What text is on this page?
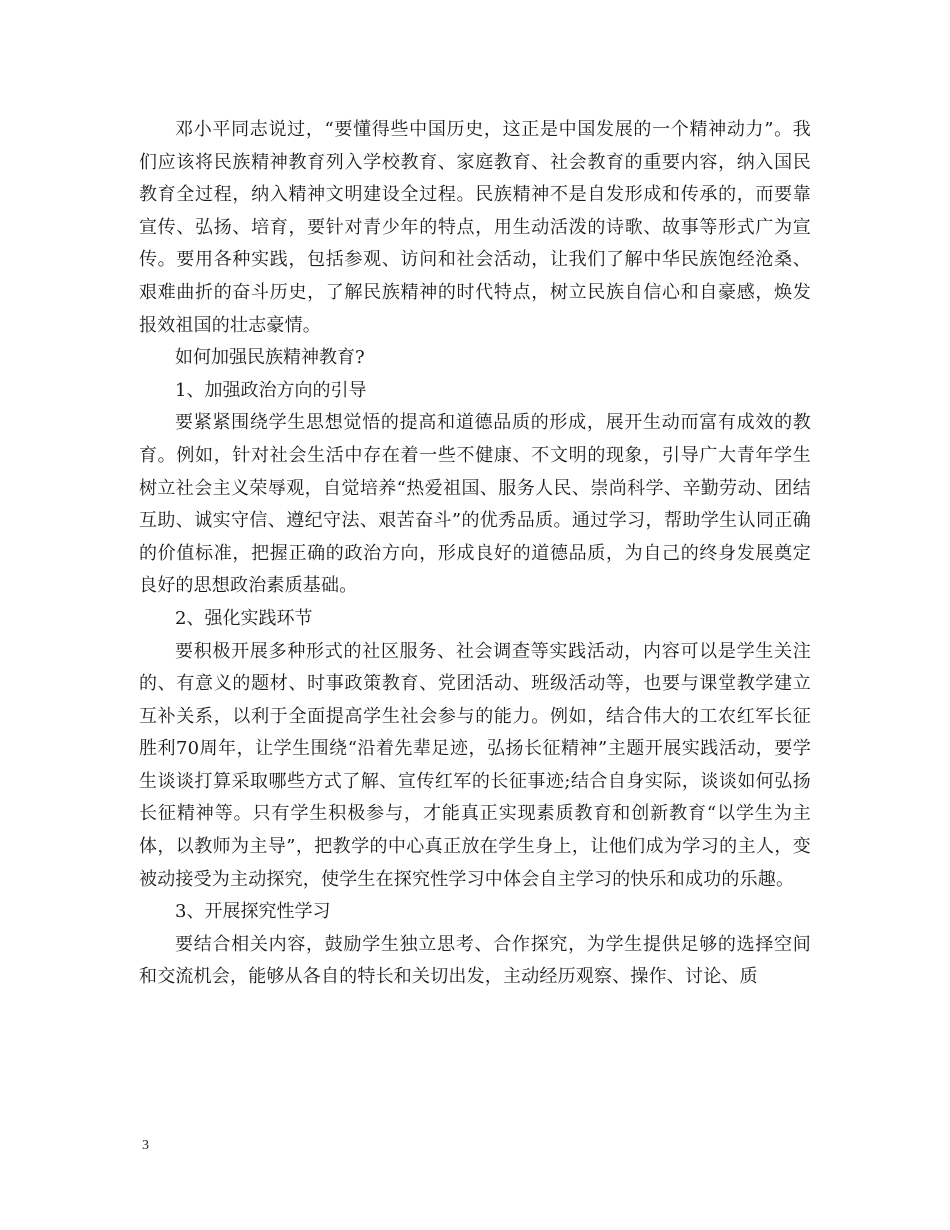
邓小平同志说过，“要懂得些中国历史，这正是中国发展的一个精神动力”。我们应该将民族精神教育列入学校教育、家庭教育、社会教育的重要内容，纳入国民教育全过程，纳入精神文明建设全过程。民族精神不是自发形成和传承的，而要靠宣传、弘扬、培育，要针对青少年的特点，用生动活泼的诗歌、故事等形式广为宣传。要用各种实践，包括参观、访问和社会活动，让我们了解中华民族饱经沧桑、艰难曲折的奋斗历史，了解民族精神的时代特点，树立民族自信心和自豪感，焕发报效祖国的壮志豪情。

如何加强民族精神教育?

1、加强政治方向的引导

要紧紧围绕学生思想觉悟的提高和道德品质的形成，展开生动而富有成效的教育。例如，针对社会生活中存在着一些不健康、不文明的现象，引导广大青年学生树立社会主义荣辱观，自觉培养“热爱祖国、服务人民、崇尚科学、辛勤劳动、团结互助、诚实守信、遵纪守法、艰苦奋斗”的优秀品质。通过学习，帮助学生认同正确的价值标准，把握正确的政治方向，形成良好的道德品质，为自己的终身发展奠定良好的思想政治素质基础。

2、强化实践环节

要积极开展多种形式的社区服务、社会调查等实践活动，内容可以是学生关注的、有意义的题材、时事政策教育、党团活动、班级活动等，也要与课堂教学建立互补关系，以利于全面提高学生社会参与的能力。例如，结合伟大的工农红军长征胜利70周年，让学生围绕“沿着先辈足迹，弘扬长征精神”主题开展实践活动，要学生谈谈打算采取哪些方式了解、宣传红军的长征事迹;结合自身实际，谈谈如何弘扬长征精神等。只有学生积极参与，才能真正实现素质教育和创新教育“以学生为主体，以教师为主导”，把教学的中心真正放在学生身上，让他们成为学习的主人，变被动接受为主动探究，使学生在探究性学习中体会自主学习的快乐和成功的乐趣。

3、开展探究性学习

要结合相关内容，鼓励学生独立思考、合作探究，为学生提供足够的选择空间和交流机会，能够从各自的特长和关切出发，主动经历观察、操作、讨论、质

3
